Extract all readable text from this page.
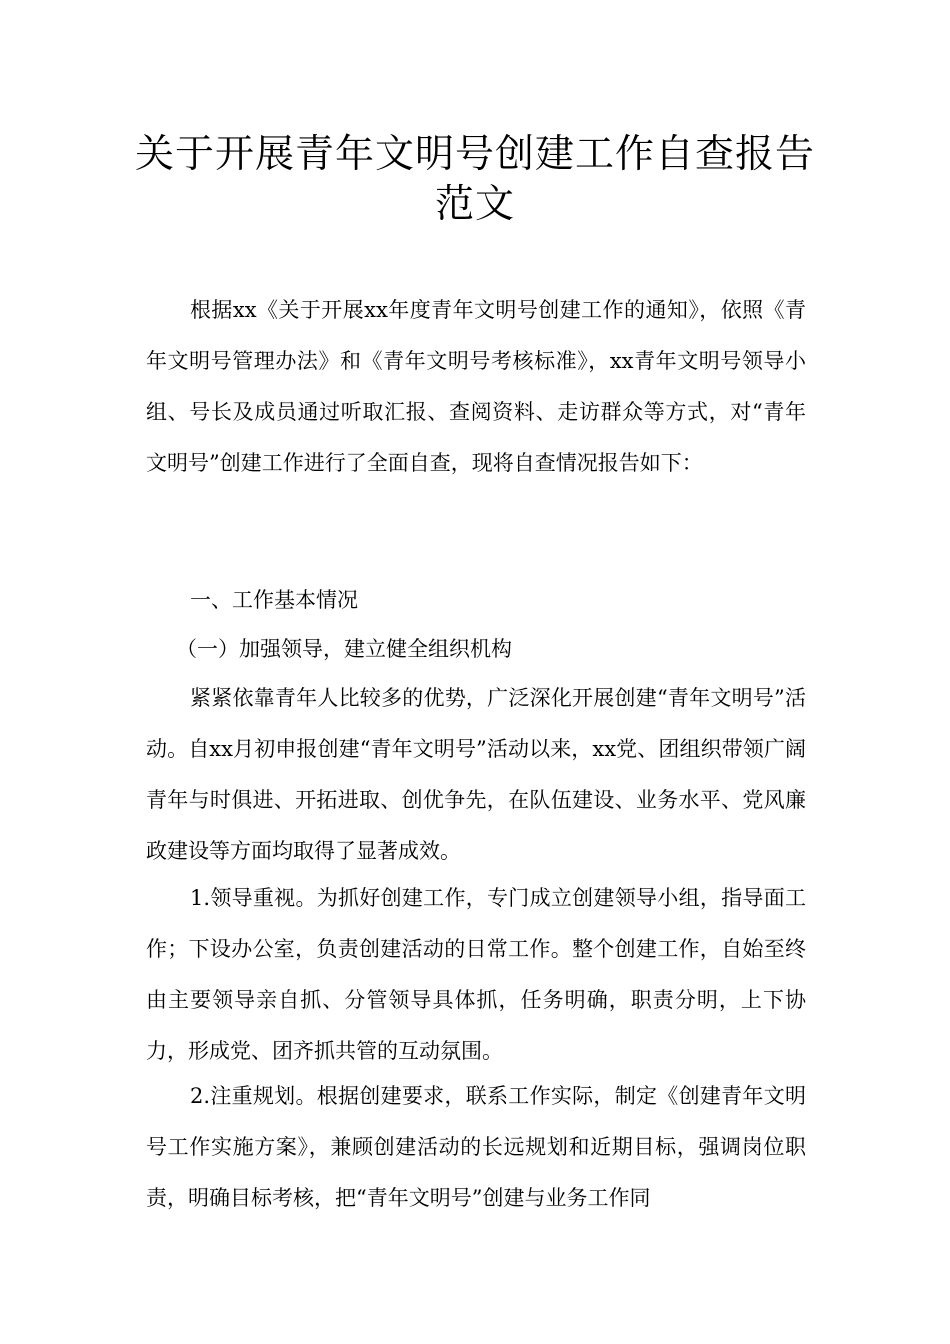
关于开展青年文明号创建工作自查报告
范文

根据xx《关于开展xx年度青年文明号创建工作的通知》，依照《青年文明号管理办法》和《青年文明号考核标准》，xx青年文明号领导小组、号长及成员通过听取汇报、查阅资料、走访群众等方式，对“青年文明号”创建工作进行了全面自查，现将自查情况报告如下：

一、工作基本情况

（一）加强领导，建立健全组织机构

紧紧依靠青年人比较多的优势，广泛深化开展创建“青年文明号”活动。自xx月初申报创建“青年文明号”活动以来，xx党、团组织带领广阔青年与时俱进、开拓进取、创优争先，在队伍建设、业务水平、党风廉政建设等方面均取得了显著成效。

1.领导重视。为抓好创建工作，专门成立创建领导小组，指导面工作；下设办公室，负责创建活动的日常工作。整个创建工作，自始至终由主要领导亲自抓、分管领导具体抓，任务明确，职责分明，上下协力，形成党、团齐抓共管的互动氛围。

2.注重规划。根据创建要求，联系工作实际，制定《创建青年文明号工作实施方案》，兼顾创建活动的长远规划和近期目标，强调岗位职责，明确目标考核，把“青年文明号”创建与业务工作同
